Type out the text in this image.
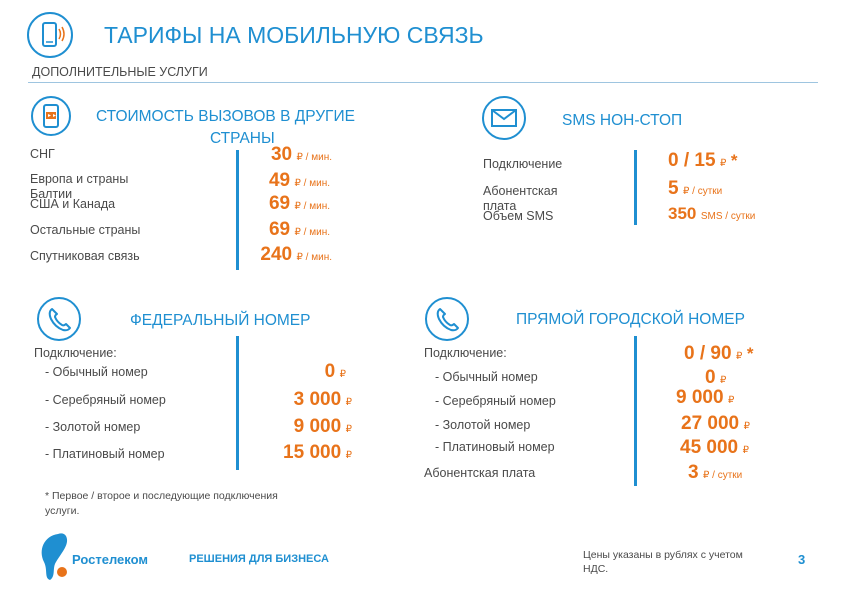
ТАРИФЫ НА МОБИЛЬНУЮ СВЯЗЬ
ДОПОЛНИТЕЛЬНЫЕ УСЛУГИ
СТОИМОСТЬ ВЫЗОВОВ В ДРУГИЕ
СТРАНЫ
СНГ
Европа и страны
Балтии
США и Канада
Остальные страны
Спутниковая связь
30 ₽ / мин.
49 ₽ / мин.
69 ₽ / мин.
69 ₽ / мин.
240 ₽ / мин.
SMS НОН-СТОП
Подключение
Абонентская
плата
Объем SMS
0 / 15 ₽ *
5 ₽ / сутки
350 SMS / сутки
ФЕДЕРАЛЬНЫЙ НОМЕР
Подключение:
- Обычный номер
- Серебряный номер
- Золотой номер
- Платиновый номер
0 ₽
3 000 ₽
9 000 ₽
15 000 ₽
ПРЯМОЙ ГОРОДСКОЙ НОМЕР
Подключение:
- Обычный номер
- Серебряный номер
- Золотой номер
- Платиновый номер
Абонентская плата
0 / 90 ₽ *
0 ₽
9 000 ₽
27 000 ₽
45 000 ₽
3 ₽ / сутки
* Первое / второе и последующие подключения
услуги.
Ростелеком	РЕШЕНИЯ ДЛЯ БИЗНЕСА	Цены указаны в рублях с учетом
НДС.
3
